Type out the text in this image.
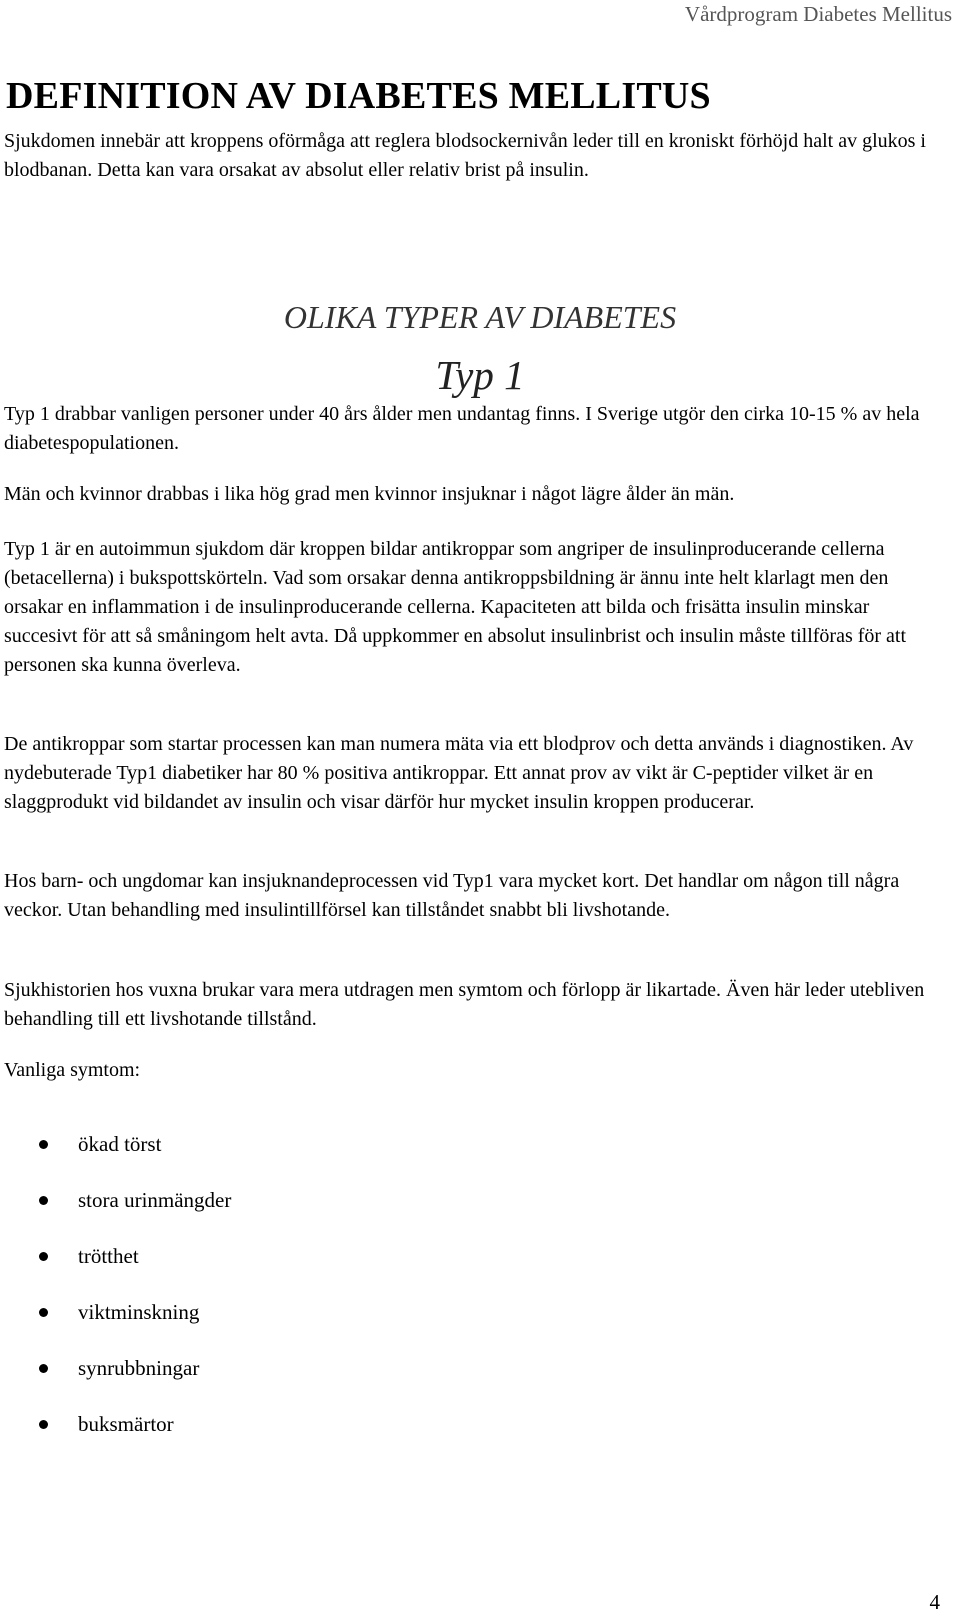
Vårdprogram Diabetes Mellitus
DEFINITION AV DIABETES MELLITUS

Sjukdomen innebär att kroppens oförmåga att reglera blodsockernivån leder till en kroniskt förhöjd halt av glukos i blodbanan. Detta kan vara orsakat av absolut eller relativ brist på insulin.

OLIKA TYPER AV DIABETES
Typ 1

Typ 1 drabbar vanligen personer under 40 års ålder men undantag finns. I Sverige utgör den cirka 10-15 % av hela diabetespopulationen.

Män och kvinnor drabbas i lika hög grad men kvinnor insjuknar i något lägre ålder än män.

Typ 1 är en autoimmun sjukdom där kroppen bildar antikroppar som angriper de insulinproducerande cellerna (betacellerna) i bukspottskörteln. Vad som orsakar denna antikroppsbildning är ännu inte helt klarlagt men den orsakar en inflammation i de insulinproducerande cellerna. Kapaciteten att bilda och frisätta insulin minskar succesivt för att så småningom helt avta. Då uppkommer en absolut insulinbrist och insulin måste tillföras för att personen ska kunna överleva.

De antikroppar som startar processen kan man numera mäta via ett blodprov och detta används i diagnostiken. Av nydebuterade Typ1 diabetiker har 80 % positiva antikroppar. Ett annat prov av vikt är C-peptider vilket är en slaggprodukt vid bildandet av insulin och visar därför hur mycket insulin kroppen producerar.

Hos barn- och ungdomar kan insjuknandeprocessen vid Typ1 vara mycket kort. Det handlar om någon till några veckor. Utan behandling med insulintillförsel kan tillståndet snabbt bli livshotande.

Sjukhistorien hos vuxna brukar vara mera utdragen men symtom och förlopp är likartade. Även här leder utebliven behandling till ett livshotande tillstånd.

Vanliga symtom:

ökad törst
stora urinmängder
trötthet
viktminskning
synrubbningar
buksmärtor
4
